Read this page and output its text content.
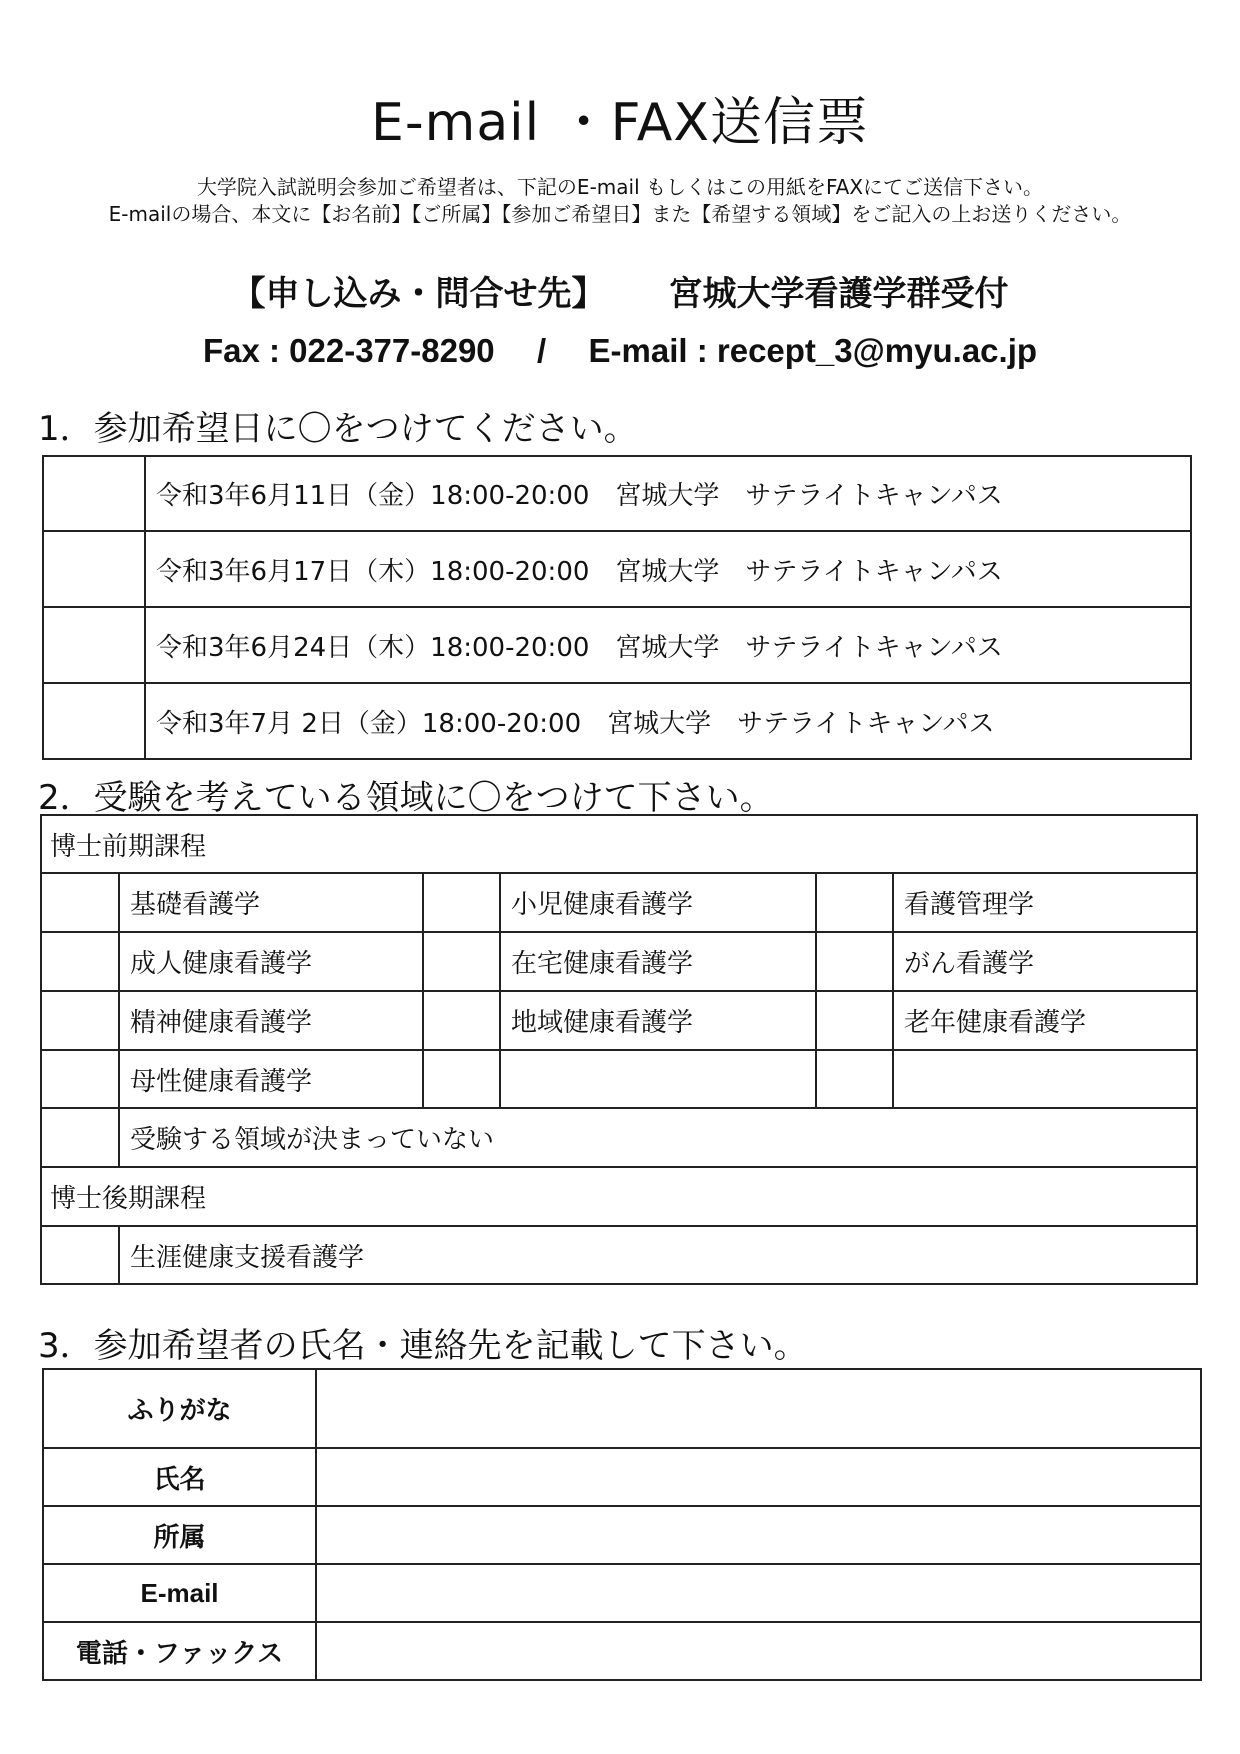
E-mail ・FAX送信票
大学院入試説明会参加ご希望者は、下記のE-mail もしくはこの用紙をFAXにてご送信下さい。
E-mailの場合、本文に【お名前】【ご所属】【参加ご希望日】また【希望する領域】をご記入の上お送りください。
【申し込み・問合せ先】 宮城大学看護学群受付
Fax : 022-377-8290 / E-mail : recept_3@myu.ac.jp
1．参加希望日に〇をつけてください。
	令和3年6月11日（金）18:00-20:00　宮城大学　サテライトキャンパス
	令和3年6月17日（木）18:00-20:00　宮城大学　サテライトキャンパス
	令和3年6月24日（木）18:00-20:00　宮城大学　サテライトキャンパス
	令和3年7月 2日（金）18:00-20:00　宮城大学　サテライトキャンパス
2．受験を考えている領域に〇をつけて下さい。
博士前期課程					
	基礎看護学		小児健康看護学		看護管理学
	成人健康看護学		在宅健康看護学		がん看護学
	精神健康看護学		地域健康看護学		老年健康看護学
	母性健康看護学				
	受験する領域が決まっていない				
博士後期課程					
	生涯健康支援看護学				
3．参加希望者の氏名・連絡先を記載して下さい。
ふりがな	
氏名	
所属	
E-mail	
電話・ファックス	
